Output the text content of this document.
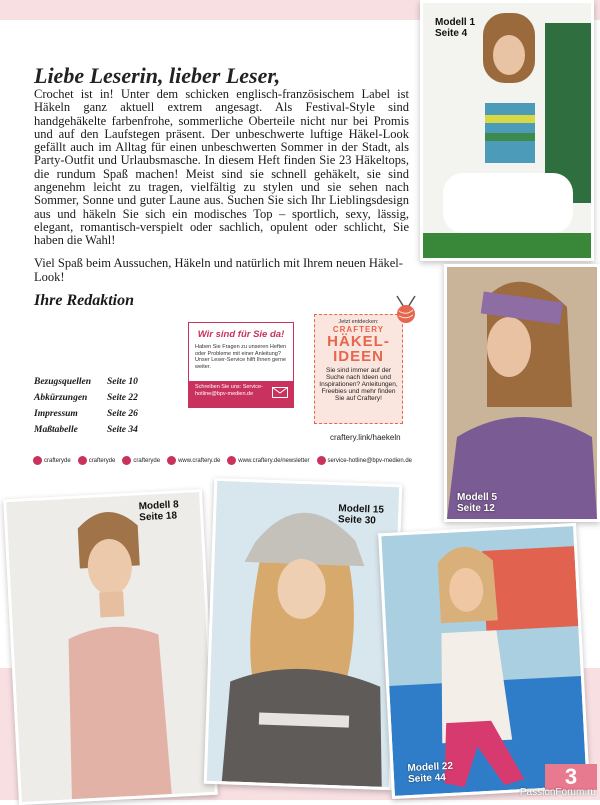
Liebe Leserin, lieber Leser,
Crochet ist in! Unter dem schicken englisch-französischem Label ist Häkeln ganz aktuell extrem angesagt. Als Festival-Style sind handgehäkelte farbenfrohe, sommerliche Oberteile nicht nur bei Promis und auf den Laufstegen präsent. Der unbeschwerte luftige Häkel-Look gefällt auch im Alltag für einen unbeschwerten Sommer in der Stadt, als Party-Outfit und Urlaubsmasche. In diesem Heft finden Sie 23 Häkeltops, die rundum Spaß machen! Meist sind sie schnell gehäkelt, sie sind angenehm leicht zu tragen, vielfältig zu stylen und sie sehen nach Sommer, Sonne und guter Laune aus. Suchen Sie sich Ihr Lieblingsdesign aus und häkeln Sie sich ein modisches Top – sportlich, sexy, lässig, elegant, romantisch-verspielt oder sachlich, opulent oder schlicht, Sie haben die Wahl!
Viel Spaß beim Aussuchen, Häkeln und natürlich mit Ihrem neuen Häkel-Look!
Ihre Redaktion
Bezugsquellen	Seite 10
Abkürzungen	Seite 22
Impressum	Seite 26
Maßtabelle	Seite 34
Wir sind für Sie da!
Haben Sie Fragen zu unseren Heften oder Probleme mit einer Anleitung? Unser Leser-Service hilft Ihnen gerne weiter.
Schreiben Sie uns: Service-hotline@bpv-medien.de
Jetzt entdecken:
CRAFTERY
HÄKEL-
IDEEN
Sie sind immer auf der Suche nach Ideen und Inspirationen? Anleitungen, Freebies und mehr finden Sie auf Craftery!
craftery.link/haekeln
crafteryde	crafteryde	crafteryde	www.craftery.de	www.craftery.de/newsletter	service-hotline@bpv-medien.de
Modell 1
Seite 4
Modell 5
Seite 12
Modell 8
Seite 18
Modell 15
Seite 30
Modell 22
Seite 44	3
PassionForum.ru
